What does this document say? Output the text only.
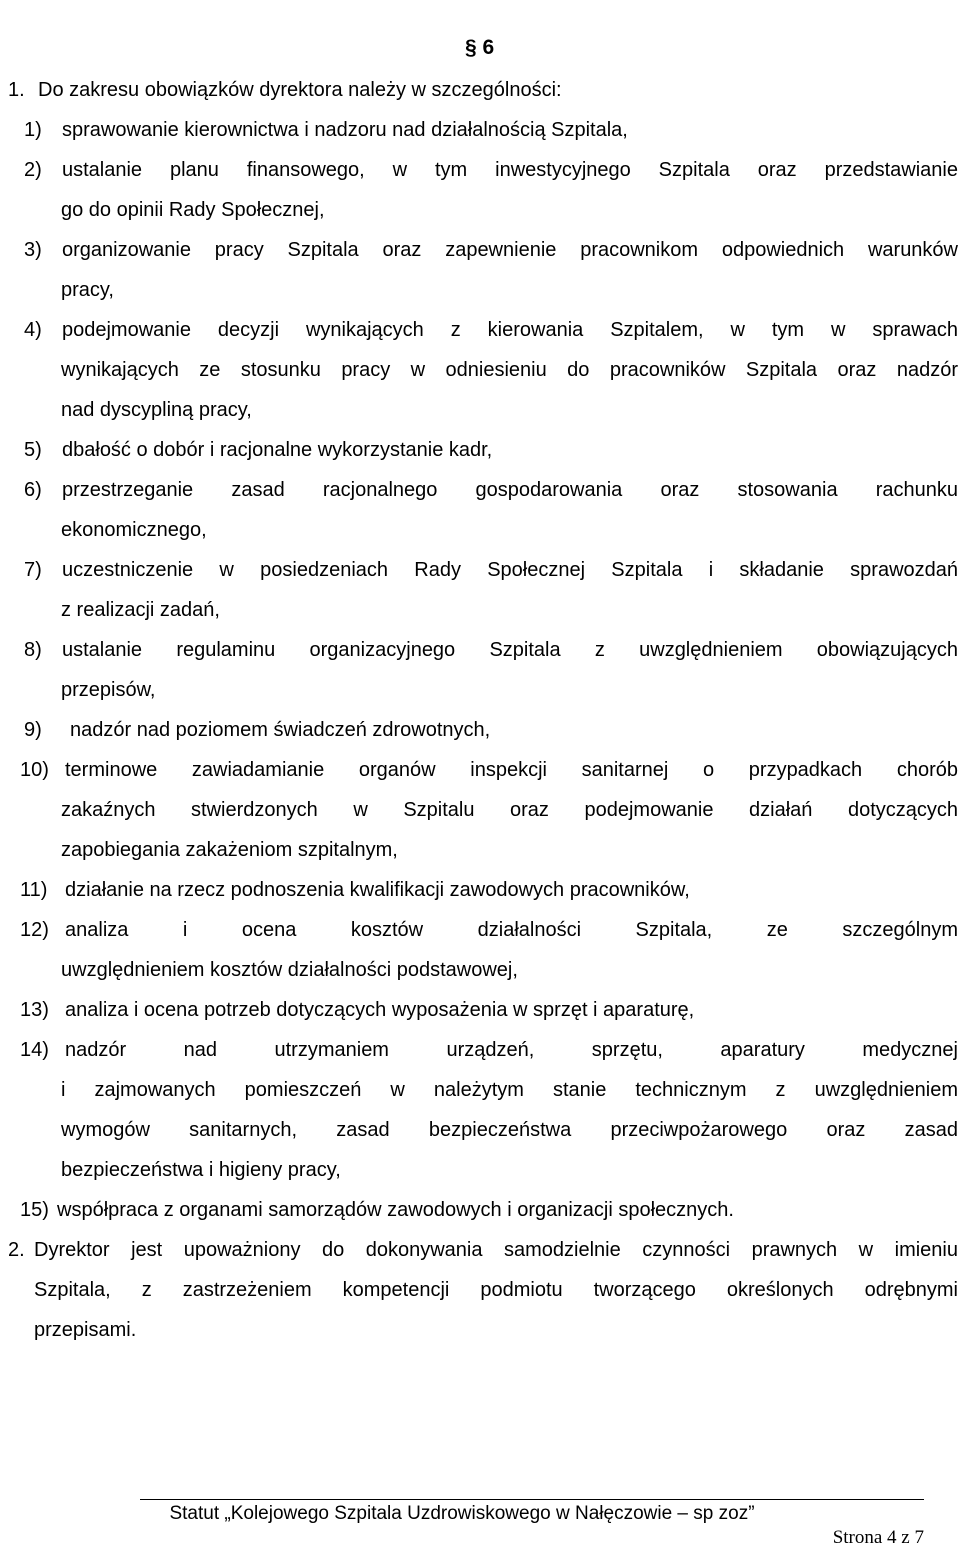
§ 6
1. Do zakresu obowiązków dyrektora należy w szczególności:
1) sprawowanie kierownictwa i nadzoru nad działalnością Szpitala,
2) ustalanie planu finansowego, w tym inwestycyjnego Szpitala oraz przedstawianie
go do opinii Rady Społecznej,
3) organizowanie pracy Szpitala oraz zapewnienie pracownikom odpowiednich warunków
pracy,
4) podejmowanie decyzji wynikających z kierowania Szpitalem, w tym w sprawach
wynikających ze stosunku pracy w odniesieniu do pracowników Szpitala oraz nadzór
nad dyscypliną pracy,
5) dbałość o dobór i racjonalne wykorzystanie kadr,
6) przestrzeganie zasad racjonalnego gospodarowania oraz stosowania rachunku
ekonomicznego,
7) uczestniczenie w posiedzeniach Rady Społecznej Szpitala i składanie sprawozdań
z realizacji zadań,
8) ustalanie regulaminu organizacyjnego Szpitala z uwzględnieniem obowiązujących
przepisów,
9) nadzór nad poziomem świadczeń zdrowotnych,
10) terminowe zawiadamianie organów inspekcji sanitarnej o przypadkach chorób
zakaźnych stwierdzonych w Szpitalu oraz podejmowanie działań dotyczących
zapobiegania zakażeniom szpitalnym,
11) działanie na rzecz podnoszenia kwalifikacji zawodowych pracowników,
12) analiza i ocena kosztów działalności Szpitala, ze szczególnym
uwzględnieniem kosztów działalności podstawowej,
13) analiza i ocena potrzeb dotyczących wyposażenia w sprzęt i aparaturę,
14) nadzór nad utrzymaniem urządzeń, sprzętu, aparatury medycznej
i zajmowanych pomieszczeń w należytym stanie technicznym z uwzględnieniem
wymogów sanitarnych, zasad bezpieczeństwa przeciwpożarowego oraz zasad
bezpieczeństwa i higieny pracy,
15) współpraca z organami samorządów zawodowych i organizacji społecznych.
2. Dyrektor jest upoważniony do dokonywania samodzielnie czynności prawnych w imieniu
Szpitala, z zastrzeżeniem kompetencji podmiotu tworzącego określonych odrębnymi
przepisami.
Statut „Kolejowego Szpitala Uzdrowiskowego w Nałęczowie – sp zoz”
Strona 4 z 7
